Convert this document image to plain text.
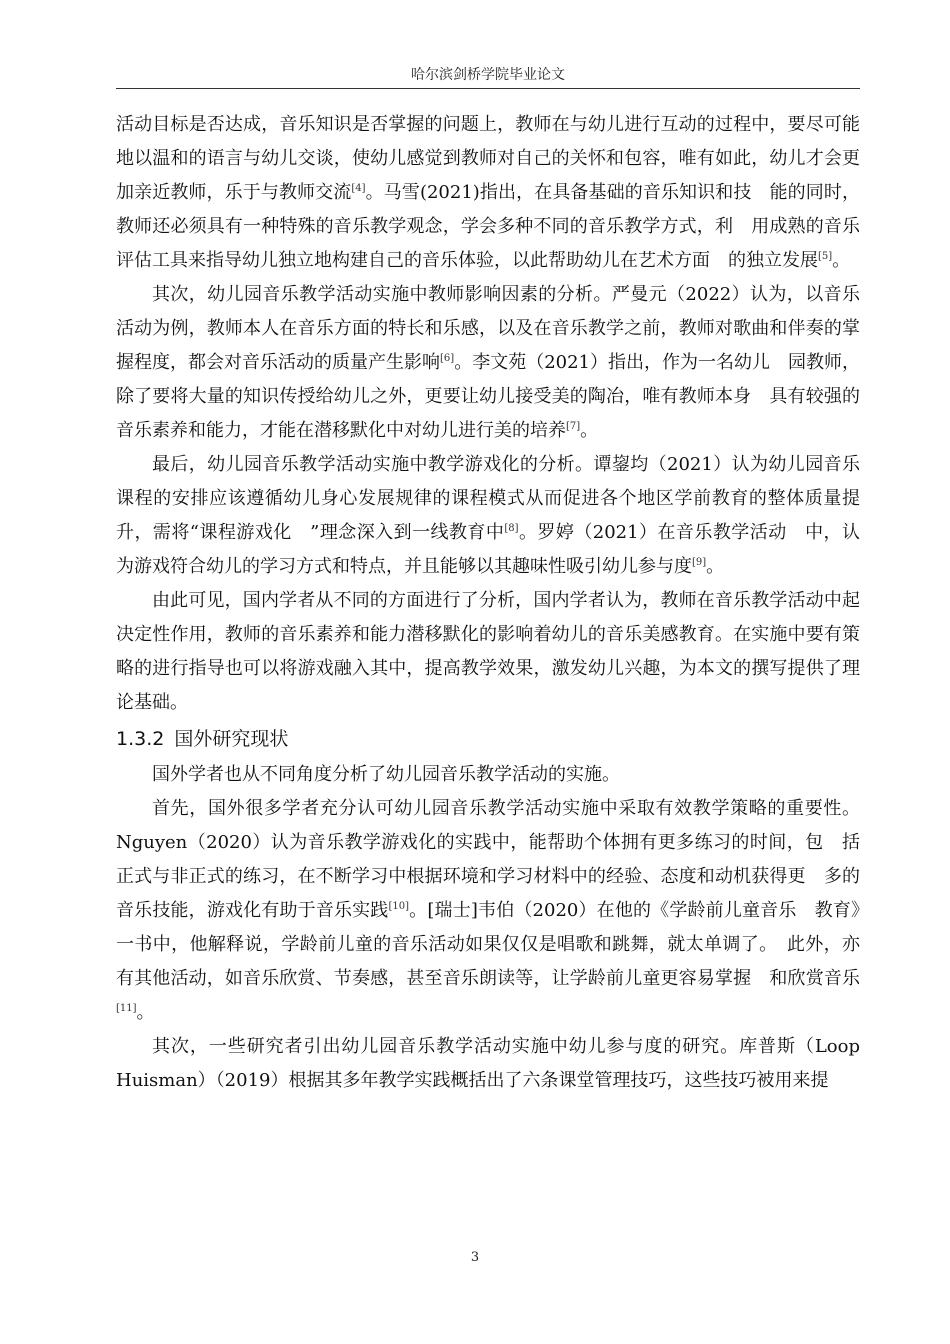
哈尔滨剑桥学院毕业论文

活动目标是否达成，音乐知识是否掌握的问题上，教师在与幼儿进行互动的过程中，要尽可能地以温和的语言与幼儿交谈，使幼儿感觉到教师对自己的关怀和包容，唯有如此，幼儿才会更加亲近教师，乐于与教师交流[4]。马雪(2021)指出，在具备基础的音乐知识和技　能的同时，教师还必须具有一种特殊的音乐教学观念，学会多种不同的音乐教学方式，利　用成熟的音乐评估工具来指导幼儿独立地构建自己的音乐体验，以此帮助幼儿在艺术方面　的独立发展[5]。

其次，幼儿园音乐教学活动实施中教师影响因素的分析。严曼元（2022）认为，以音乐活动为例，教师本人在音乐方面的特长和乐感，以及在音乐教学之前，教师对歌曲和伴奏的掌握程度，都会对音乐活动的质量产生影响[6]。李文苑（2021）指出，作为一名幼儿　园教师，除了要将大量的知识传授给幼儿之外，更要让幼儿接受美的陶冶，唯有教师本身　具有较强的音乐素养和能力，才能在潜移默化中对幼儿进行美的培养[7]。

最后，幼儿园音乐教学活动实施中教学游戏化的分析。谭鋆均（2021）认为幼儿园音乐课程的安排应该遵循幼儿身心发展规律的课程模式从而促进各个地区学前教育的整体质量提升，需将“课程游戏化　”理念深入到一线教育中[8]。罗婷（2021）在音乐教学活动　中，认为游戏符合幼儿的学习方式和特点，并且能够以其趣味性吸引幼儿参与度[9]。

由此可见，国内学者从不同的方面进行了分析，国内学者认为，教师在音乐教学活动中起决定性作用，教师的音乐素养和能力潜移默化的影响着幼儿的音乐美感教育。在实施中要有策略的进行指导也可以将游戏融入其中，提高教学效果，激发幼儿兴趣，为本文的撰写提供了理论基础。

1.3.2 国外研究现状

国外学者也从不同角度分析了幼儿园音乐教学活动的实施。

首先，国外很多学者充分认可幼儿园音乐教学活动实施中采取有效教学策略的重要性。Nguyen（2020）认为音乐教学游戏化的实践中，能帮助个体拥有更多练习的时间，包　括正式与非正式的练习，在不断学习中根据环境和学习材料中的经验、态度和动机获得更　多的音乐技能，游戏化有助于音乐实践[10]。[瑞士]韦伯（2020）在他的《学龄前儿童音乐　教育》一书中，他解释说，学龄前儿童的音乐活动如果仅仅是唱歌和跳舞，就太单调了。　此外，亦有其他活动，如音乐欣赏、节奏感，甚至音乐朗读等，让学龄前儿童更容易掌握　和欣赏音乐[11]。

其次，一些研究者引出幼儿园音乐教学活动实施中幼儿参与度的研究。库普斯（Loop Huisman）（2019）根据其多年教学实践概括出了六条课堂管理技巧，这些技巧被用来提

3
